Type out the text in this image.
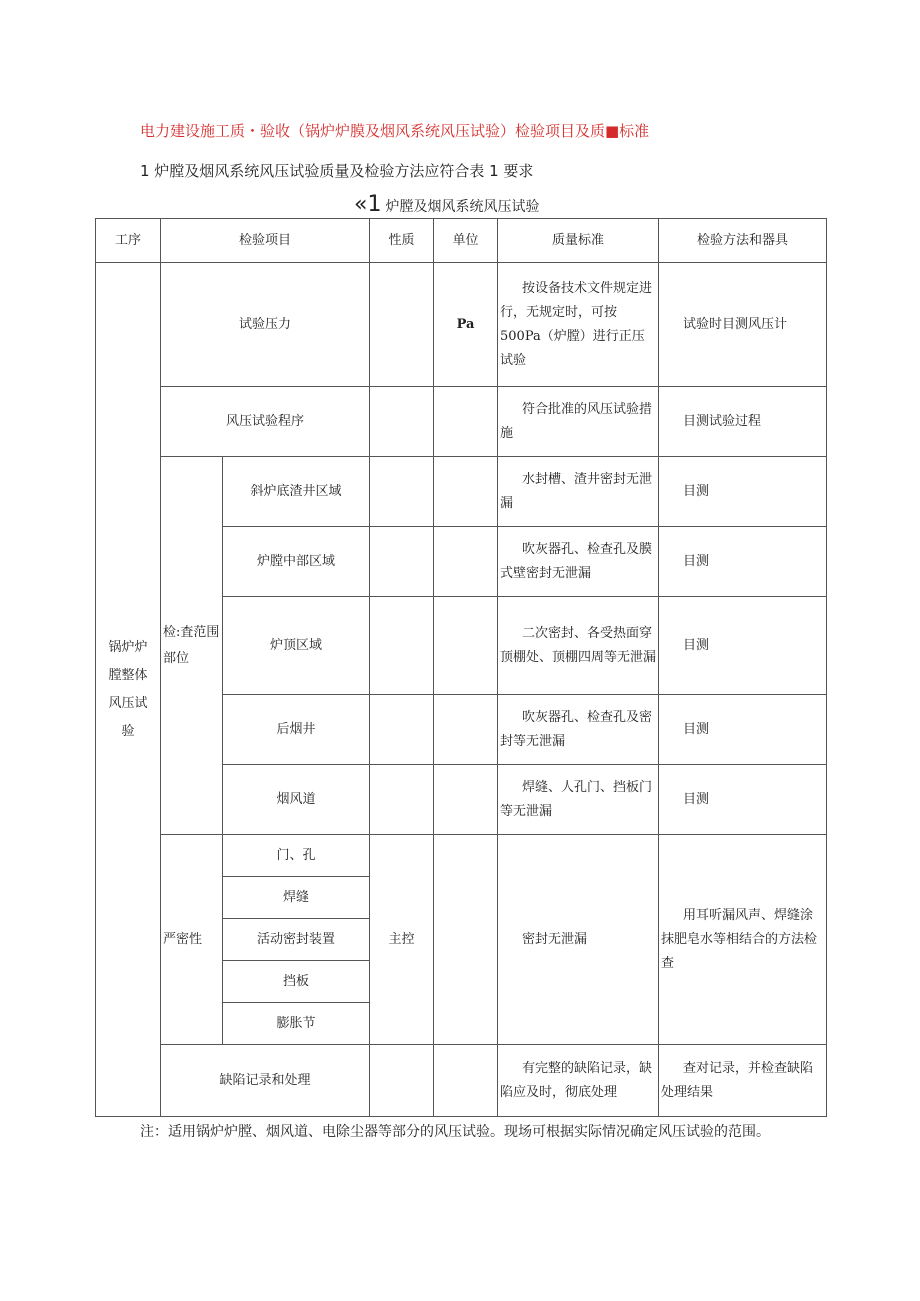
电力建设施工质・验收（锅炉炉膜及烟风系统风压试验）检验项目及质■标准
1 炉膛及烟风系统风压试验质量及检验方法应符合表 1 要求
«1 炉膛及烟风系统风压试验
工序	检验项目		性质	单位	质量标准	检验方法和器具

锅炉炉膛整体风压试验	试验压力			Pa	按设备技术文件规定进行，无规定时，可按 500Pa（炉膛）进行正压试验	试验时目测风压计
	风压试验程序				符合批准的风压试验措施	目测试验过程

	检:査范围部位	斜炉底渣井区域			水封槽、渣井密封无泄漏	目测
		炉膛中部区域			吹灰器孔、检查孔及膜式壁密封无泄漏	目测
		炉顶区域			二次密封、各受热面穿顶棚处、顶棚四周等无泄漏	目测
		后烟井			吹灰器孔、检查孔及密封等无泄漏	目测
		烟风道			焊缝、人孔门、挡板门等无泄漏	目测
	严密性	门、孔	主控		密封无泄漏	用耳听漏风声、焊缝涂抹肥皂水等相结合的方法检查
		焊缝				
		活动密封装置				
		挡板				
		膨胀节				
	缺陷记录和处理				有完整的缺陷记录，缺陷应及时，彻底处理	查对记录，并检查缺陷处理结果
注：适用锅炉炉膛、烟风道、电除尘器等部分的风压试验。现场可根据实际情况确定风压试验的范围。
